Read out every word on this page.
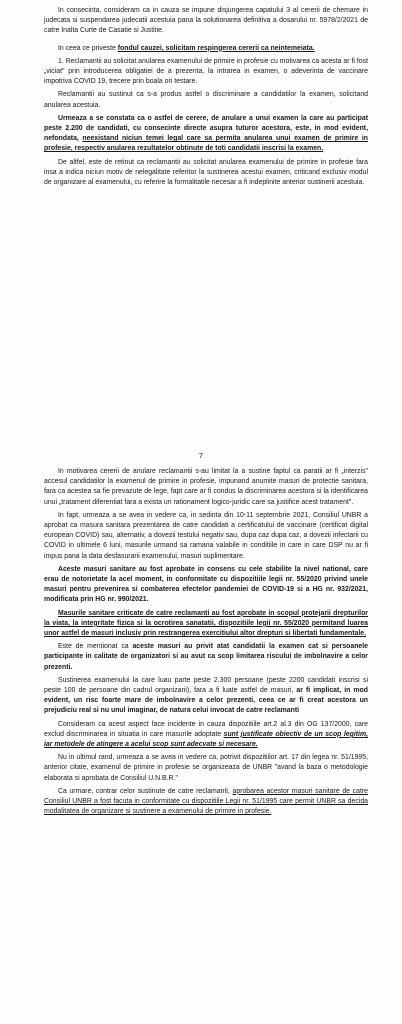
In consecinta, consideram ca in cauza se impune disjungerea capatului 3 al cererii de chemare in judecata si suspendarea judecatii acestuia pana la solutionarea definitiva a dosarului nr. 5978/2/2021 de catre Inalta Curte de Casatie si Justitie.

In ceea ce priveste fondul cauzei, solicitam respingerea cererii ca neintemeiata.

1. Reclamantii au solicitat anularea examenului de primire in profesie cu motivarea ca acesta ar fi fost „viciat" prin introducerea obligatiei de a prezenta, la intrarea in examen, o adeverinta de vaccinare impotriva COVID 19, trecere prin boala ori testare.

Reclamantii au sustinut ca s-a produs astfel o discriminare a candidatilor la examen, solicitand anularea acestuia.

Urmeaza a se constata ca o astfel de cerere, de anulare a unui examen la care au participat peste 2.200 de candidati, cu consecinte directe asupra tuturor acestora, este, in mod evident, nefondata, neexistand niciun temei legal care sa permita anularea unui examen de primire in profesie, respectiv anularea rezultatelor obtinute de toti candidatii inscrisi la examen.

De altfel, este de retinut ca reclamantii au solicitat anularea examenului de primire in profesie fara insa a indica niciun motiv de nelegalitate referitor la sustinerea acestui examen, criticand exclusiv modul de organizare al examenului, cu referire la formalitatile necesar a fi indeplinite anterior sustinerii acestuia.

7

In motivarea cererii de anulare reclamantii s-au limitat la a sustine faptul ca paratii ar fi „interzis" accesul candidatilor la examenul de primire in profesie, impunand anumite masuri de protectie sanitara, fara ca acestea sa fie prevazute de lege, fapt care ar fi condus la discriminarea acestora si la identificarea unui „tratament diferentiat fara a exista un rationament logico-juridic care sa justifice acest tratament".

In fapt, urmeaza a se avea in vedere ca, in sedinta din 10-11 septembrie 2021, Consiliul UNBR a aprobat ca masura sanitara prezentarea de catre candidati a certificatului de vaccinare (certificat digital european COVID) sau, alternativ, a dovezii testului negativ sau, dupa caz dupa caz, a dovezii infectarii cu COVID in ultimele 6 luni, masurile urmand sa ramana valabile in conditiile in care in care DSP nu ar fi impus pana la data desfasurarii examenului, masuri suplimentare.

Aceste masuri sanitare au fost aprobate in consens cu cele stabilite la nivel national, care erau de notorietate la acel moment, in conformitate cu dispozitiile legii nr. 55/2020 privind unele masuri pentru prevenirea si combaterea efectelor pandemiei de COVID-19 si a HG nr. 932/2021, modificata prin HG nr. 990/2021.

Masurile sanitare criticate de catre reclamanti au fost aprobate in scopul protejarii drepturilor la viata, la integritate fizica si la ocrotirea sanatatii, dispozitiile legii nr. 55/2020 permitand luarea unor astfel de masuri inclusiv prin restrangerea exercitiului altor drepturi si libertati fundamentale.

Este de mentionat ca aceste masuri au privit atat candidatii la examen cat si persoanele participante in calitate de organizatori si au avut ca scop limitarea riscului de imbolnavire a celor prezenti.

Sustinerea examenului la care luau parte peste 2.300 persoane (peste 2200 candidati inscrisi si peste 100 de persoane din cadrul organizarii), fara a fi luate astfel de masuri, ar fi implicat, in mod evident, un risc foarte mare de imbolnavire a celor prezenti, ceea ce ar fi creat acestora un prejudiciu real si nu unul imaginar, de natura celui invocat de catre reclamanti

Consideram ca acest aspect face incidente in cauza dispozitiile art.2 al.3 din OG 137/2000, care exclud discriminarea in situatia in care masurile adoptate sunt justificate obiectiv de un scop legitim, iar metodele de atingere a acelui scop sunt adecvate si necesare.

Nu in ultimul rand, urmeaza a se avea in vedere ca, potrivit dispozitiilor art. 17 din legea nr. 51/1995, anterior citate, examenul de primire in profesie se organizeaza de UNBR "avand la baza o metodologie elaborata si aprobata de Consiliul U.N.B.R."

Ca urmare, contrar celor sustinute de catre reclamanti, aprobarea acestor masuri sanitare de catre Consiliul UNBR a fost facuta in conformitate cu dispozitiile Legii nr. 51/1995 care permit UNBR sa decida modalitatea de organizare si sustinere a examenului de primire in profesie.
